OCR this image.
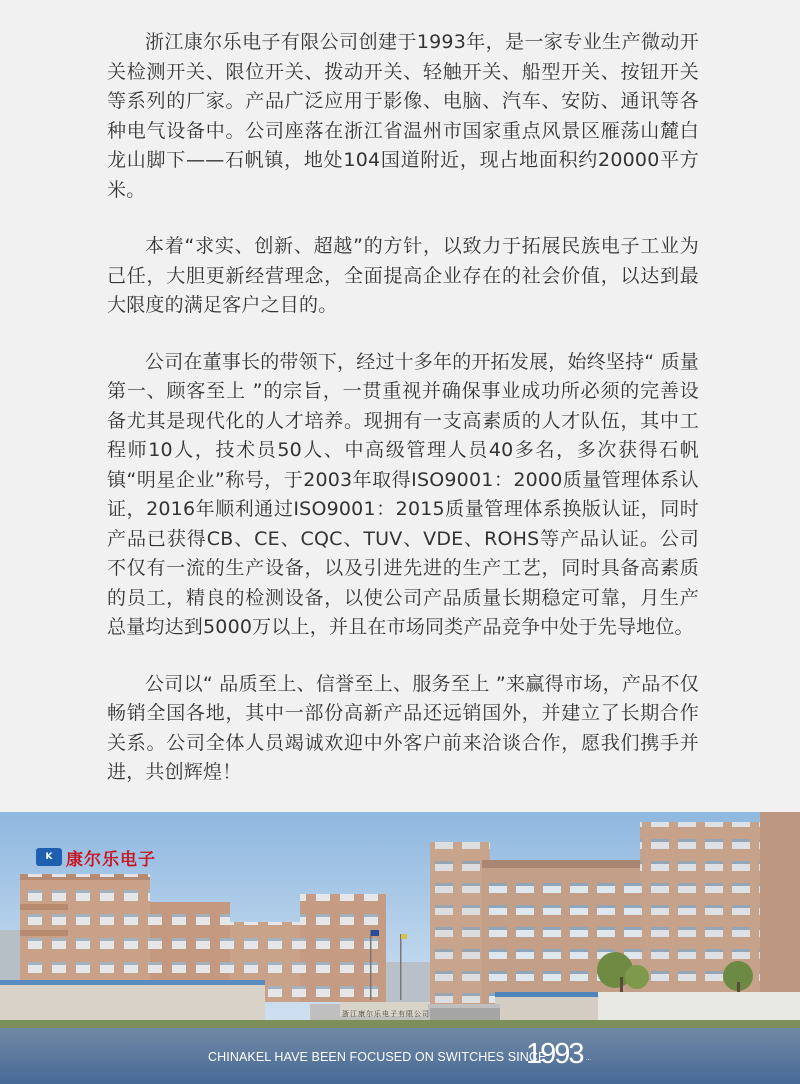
浙江康尔乐电子有限公司创建于1993年，是一家专业生产微动开关检测开关、限位开关、拨动开关、轻触开关、船型开关、按钮开关等系列的厂家。产品广泛应用于影像、电脑、汽车、安防、通讯等各种电气设备中。公司座落在浙江省温州市国家重点风景区雁荡山麓白龙山脚下——石帆镇，地处104国道附近，现占地面积约20000平方米。

本着“求实、创新、超越”的方针，以致力于拓展民族电子工业为己任，大胆更新经营理念，全面提高企业存在的社会价值，以达到最大限度的满足客户之目的。

公司在董事长的带领下，经过十多年的开拓发展，始终坚持“ 质量第一、顾客至上 ”的宗旨，一贯重视并确保事业成功所必须的完善设备尤其是现代化的人才培养。现拥有一支高素质的人才队伍，其中工程师10人，技术员50人、中高级管理人员40多名，多次获得石帆镇“明星企业”称号，于2003年取得ISO9001：2000质量管理体系认证，2016年顺利通过ISO9001：2015质量管理体系换版认证，同时产品已获得CB、CE、CQC、TUV、VDE、ROHS等产品认证。公司不仅有一流的生产设备，以及引进先进的生产工艺，同时具备高素质的员工，精良的检测设备，以使公司产品质量长期稳定可靠，月生产总量均达到5000万以上，并且在市场同类产品竞争中处于先导地位。

公司以“ 品质至上、信誉至上、服务至上 ”来赢得市场，产品不仅畅销全国各地，其中一部份高新产品还远销国外，并建立了长期合作关系。公司全体人员竭诚欢迎中外客户前来洽谈合作，愿我们携手并进，共创辉煌！

K 康尔乐电子
浙江康尔乐电子有限公司
CHINAKEL HAVE BEEN FOCUSED ON SWITCHES SINCE
1993 ...
